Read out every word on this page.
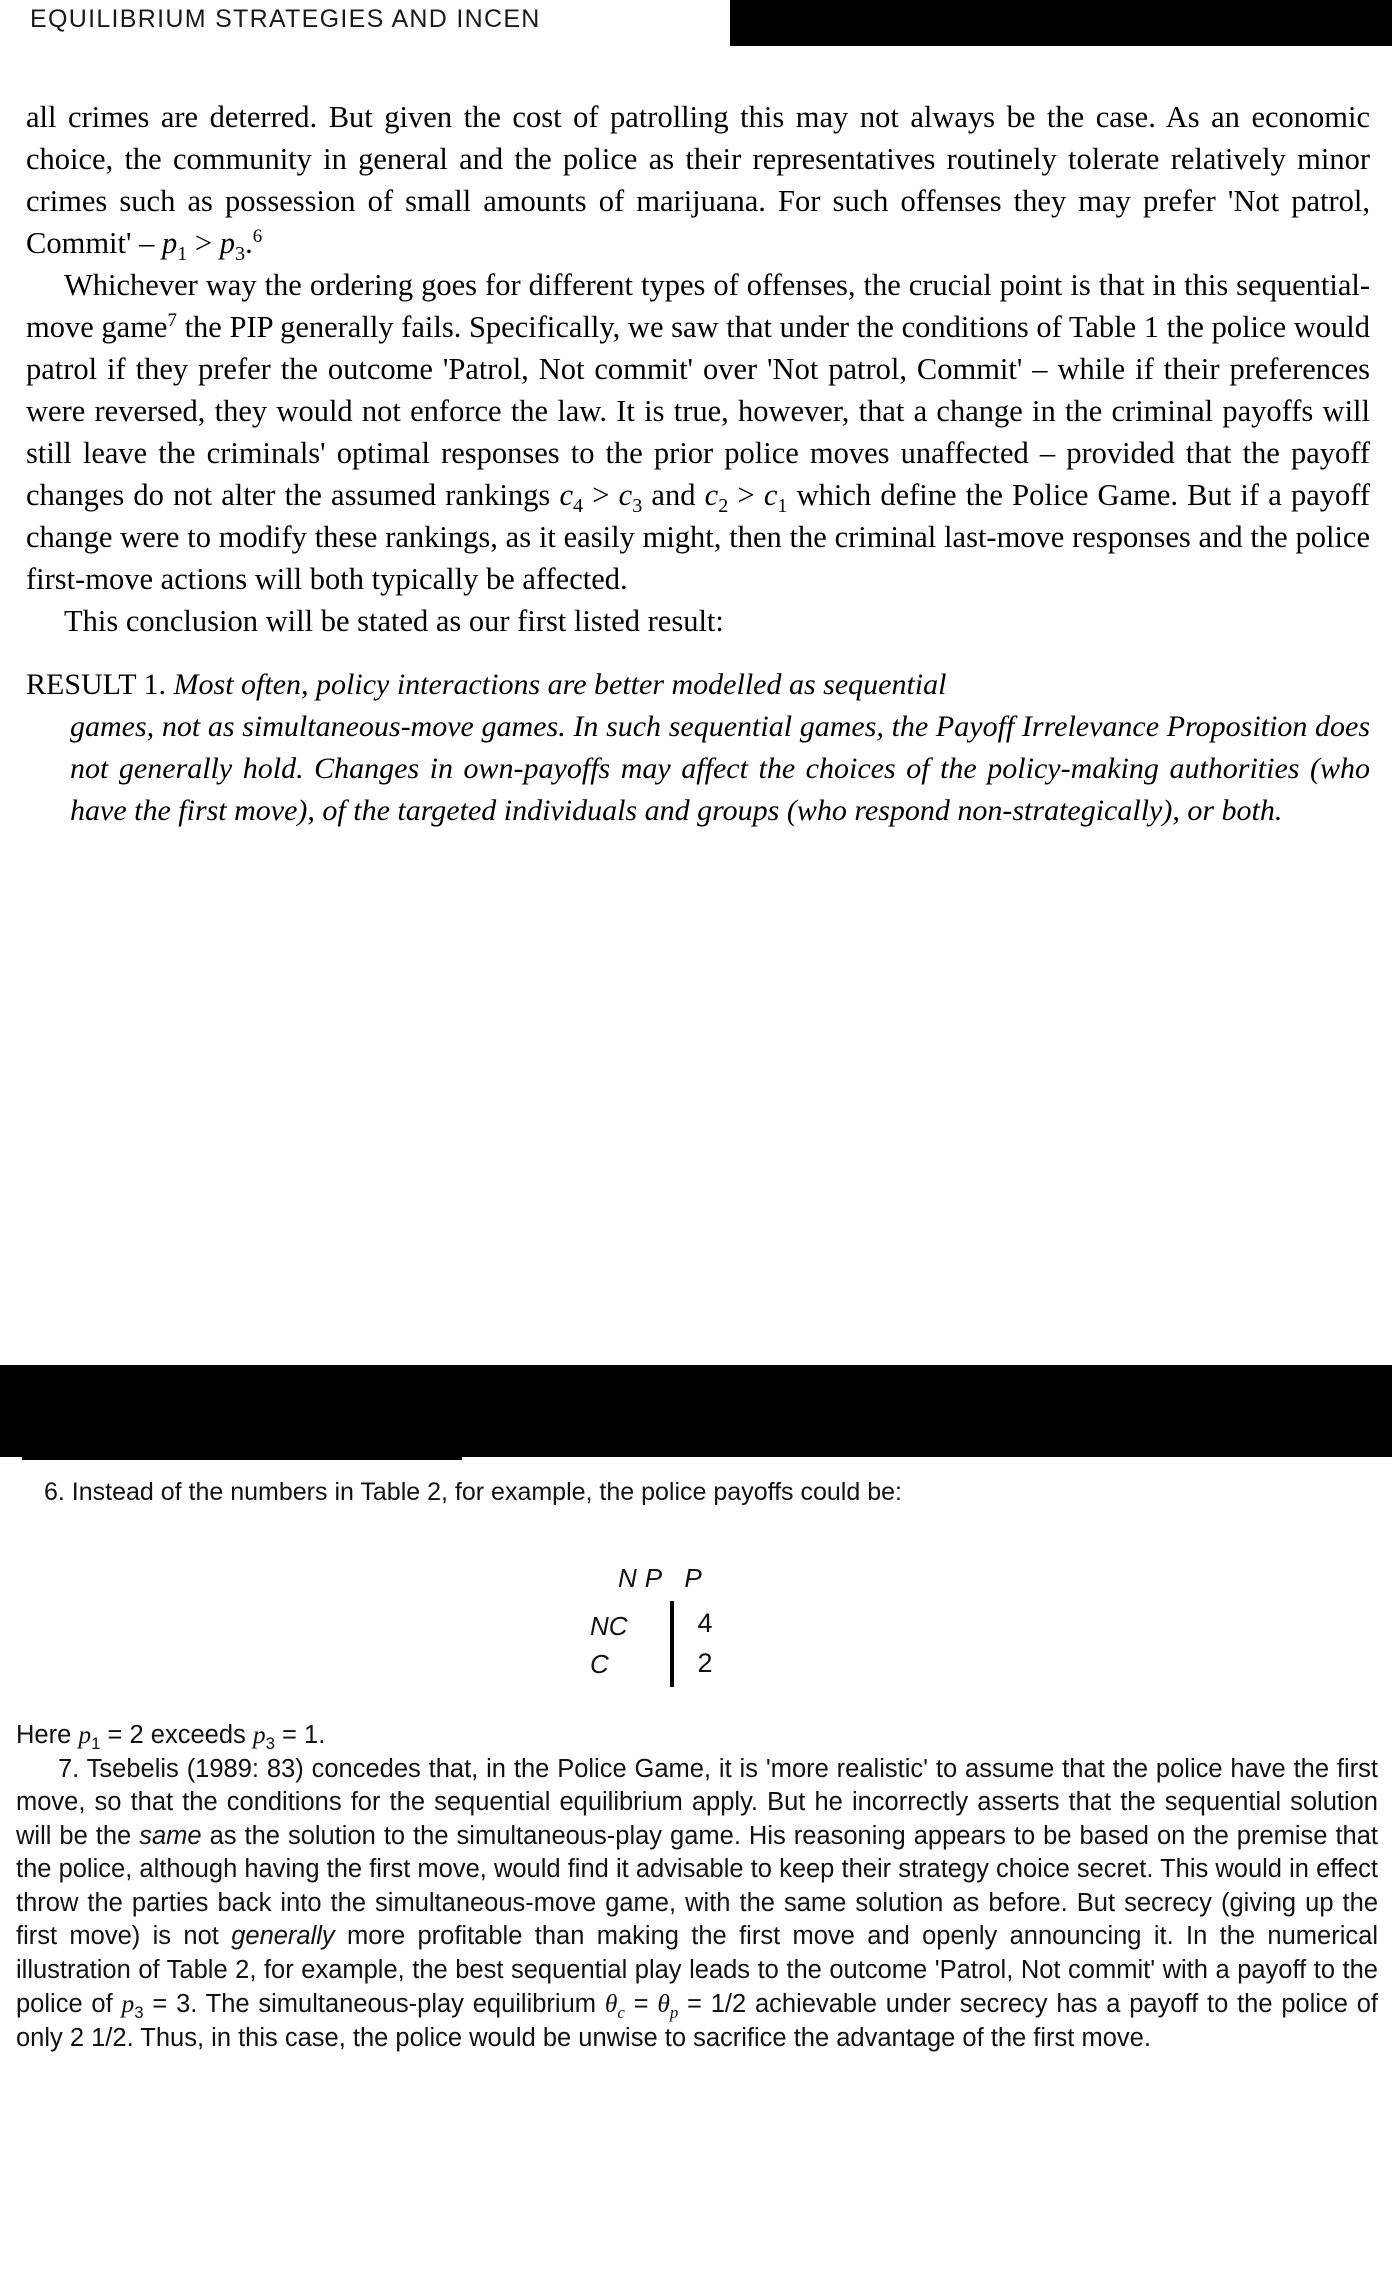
EQUILIBRIUM STRATEGIES AND INCEN

all crimes are deterred. But given the cost of patrolling this may not always be the case. As an economic choice, the community in general and the police as their representatives routinely tolerate relatively minor crimes such as possession of small amounts of marijuana. For such offenses they may prefer 'Not patrol, Commit' – $p_1 > p_3.^6$

Whichever way the ordering goes for different types of offenses, the crucial point is that in this sequential-move game$^7$ the PIP generally fails. Specifically, we saw that under the conditions of Table 1 the police would patrol if they prefer the outcome 'Patrol, Not commit' over 'Not patrol, Commit' – while if their preferences were reversed, they would not enforce the law. It is true, however, that a change in the criminal payoffs will still leave the criminals' optimal responses to the prior police moves unaffected – provided that the payoff changes do not alter the assumed rankings $c_4 > c_3$ and $c_2 > c_1$ which define the Police Game. But if a payoff change were to modify these rankings, as it easily might, then the criminal last-move responses and the police first-move actions will both typically be affected.

This conclusion will be stated as our first listed result:

RESULT 1. Most often, policy interactions are better modelled as sequential
games, not as simultaneous-move games. In such sequential games, the Payoff Irrelevance Proposition does not generally hold. Changes in own-payoffs may affect the choices of the policy-making authorities (who have the first move), of the targeted individuals and groups (who respond non-strategically), or both.
6. Instead of the numbers in Table 2, for example, the police payoffs could be:
NP P
NC
C
4
2

Here $p_1 = 2$ exceeds $p_3 = 1$.

7. Tsebelis (1989: 83) concedes that, in the Police Game, it is 'more realistic' to assume that the police have the first move, so that the conditions for the sequential equilibrium apply. But he incorrectly asserts that the sequential solution will be the same as the solution to the simultaneous-play game. His reasoning appears to be based on the premise that the police, although having the first move, would find it advisable to keep their strategy choice secret. This would in effect throw the parties back into the simultaneous-move game, with the same solution as before. But secrecy (giving up the first move) is not generally more profitable than making the first move and openly announcing it. In the numerical illustration of Table 2, for example, the best sequential play leads to the outcome 'Patrol, Not commit' with a payoff to the police of $p_3 = 3$. The simultaneous-play equilibrium $\theta_c = \theta_p = 1/2$ achievable under secrecy has a payoff to the police of only 2 1/2. Thus, in this case, the police would be unwise to sacrifice the advantage of the first move.
